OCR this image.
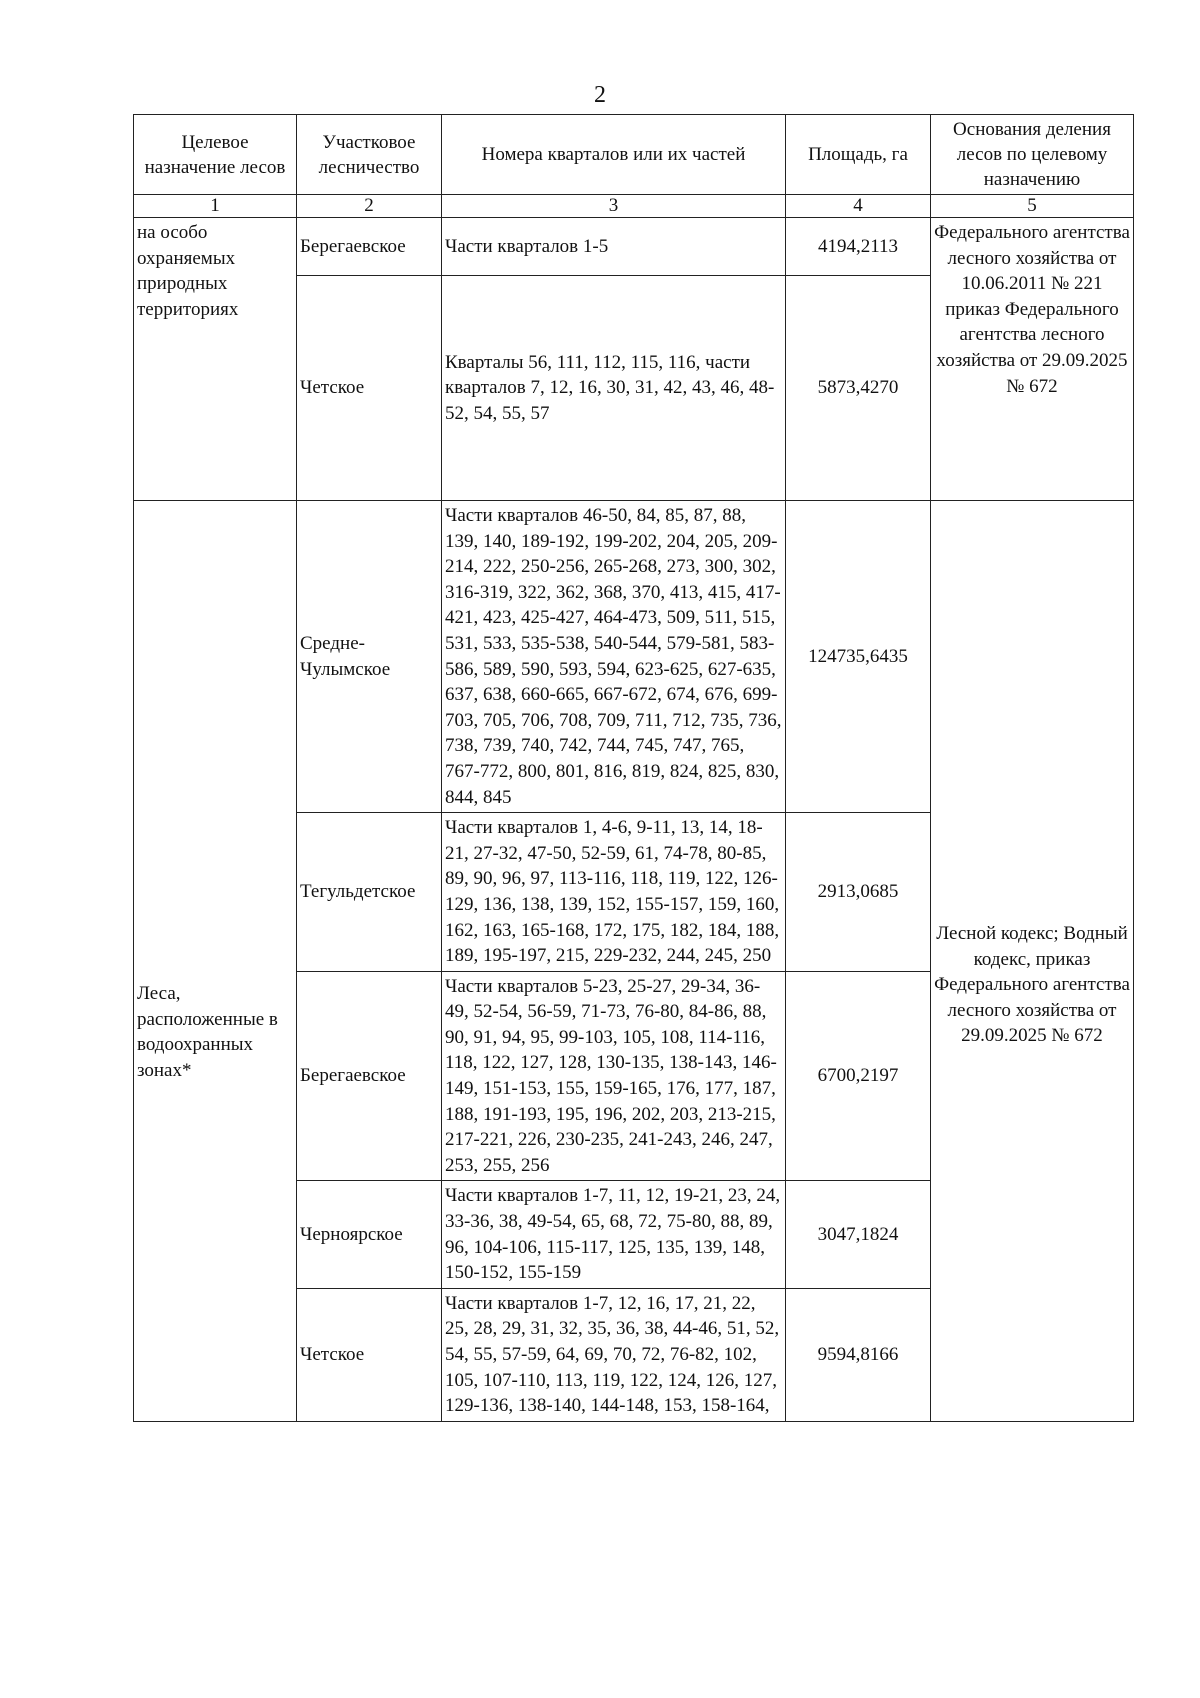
2
Целевое назначение лесов	Участковое лесничество	Номера кварталов или их частей	Площадь, га	Основания деления лесов по целевому назначению
1	2	3	4	5

на особо охраняемых природных территориях	Берегаевское	Части кварталов 1-5	4194,2113	Федерального агентства лесного хозяйства от 10.06.2011 № 221 приказ Федерального агентства лесного хозяйства от 29.09.2025 № 672
	Четское	Кварталы 56, 111, 112, 115, 116, части кварталов 7, 12, 16, 30, 31, 42, 43, 46, 48-52, 54, 55, 57	5873,4270	
Леса, расположенные в водоохранных зонах*	Средне-Чулымское	Части кварталов 46-50, 84, 85, 87, 88, 139, 140, 189-192, 199-202, 204, 205, 209-214, 222, 250-256, 265-268, 273, 300, 302, 316-319, 322, 362, 368, 370, 413, 415, 417-421, 423, 425-427, 464-473, 509, 511, 515, 531, 533, 535-538, 540-544, 579-581, 583-586, 589, 590, 593, 594, 623-625, 627-635, 637, 638, 660-665, 667-672, 674, 676, 699-703, 705, 706, 708, 709, 711, 712, 735, 736, 738, 739, 740, 742, 744, 745, 747, 765, 767-772, 800, 801, 816, 819, 824, 825, 830, 844, 845	124735,6435	Лесной кодекс; Водный кодекс, приказ Федерального агентства лесного хозяйства от 29.09.2025 № 672
	Тегульдетское	Части кварталов 1, 4-6, 9-11, 13, 14, 18-21, 27-32, 47-50, 52-59, 61, 74-78, 80-85, 89, 90, 96, 97, 113-116, 118, 119, 122, 126-129, 136, 138, 139, 152, 155-157, 159, 160, 162, 163, 165-168, 172, 175, 182, 184, 188, 189, 195-197, 215, 229-232, 244, 245, 250	2913,0685	
	Берегаевское	Части кварталов 5-23, 25-27, 29-34, 36-49, 52-54, 56-59, 71-73, 76-80, 84-86, 88, 90, 91, 94, 95, 99-103, 105, 108, 114-116, 118, 122, 127, 128, 130-135, 138-143, 146-149, 151-153, 155, 159-165, 176, 177, 187, 188, 191-193, 195, 196, 202, 203, 213-215, 217-221, 226, 230-235, 241-243, 246, 247, 253, 255, 256	6700,2197	
	Черноярское	Части кварталов 1-7, 11, 12, 19-21, 23, 24, 33-36, 38, 49-54, 65, 68, 72, 75-80, 88, 89, 96, 104-106, 115-117, 125, 135, 139, 148, 150-152, 155-159	3047,1824	
	Четское	Части кварталов 1-7, 12, 16, 17, 21, 22, 25, 28, 29, 31, 32, 35, 36, 38, 44-46, 51, 52, 54, 55, 57-59, 64, 69, 70, 72, 76-82, 102, 105, 107-110, 113, 119, 122, 124, 126, 127, 129-136, 138-140, 144-148, 153, 158-164,	9594,8166	
